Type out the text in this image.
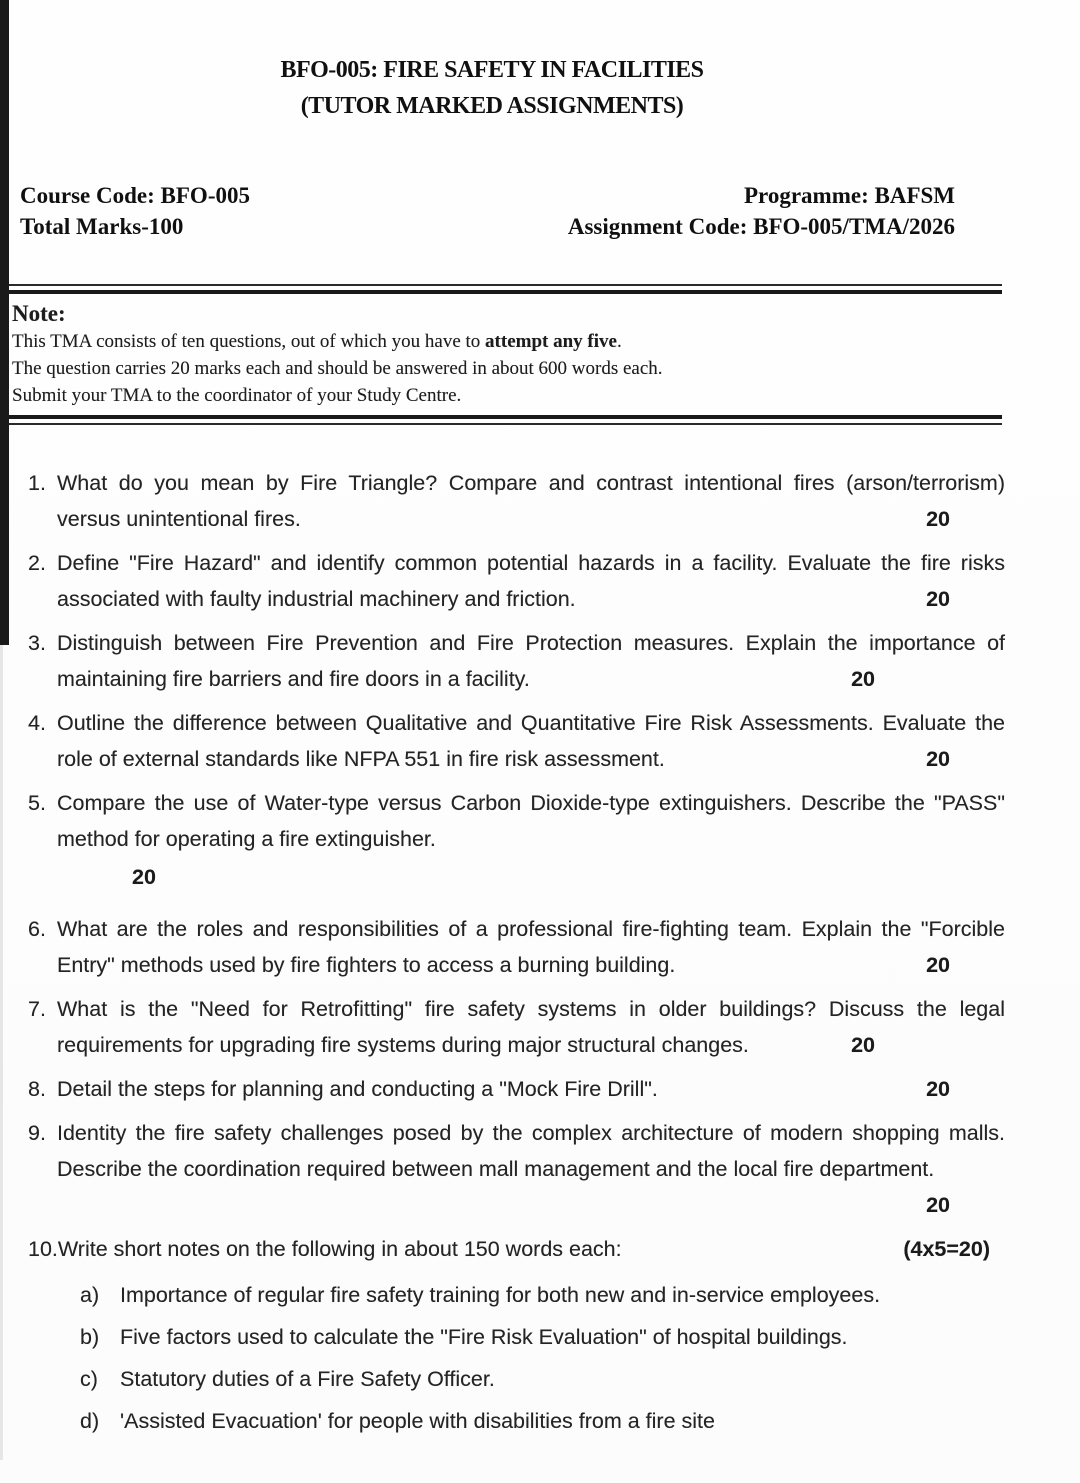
BFO-005: FIRE SAFETY IN FACILITIES
(TUTOR MARKED ASSIGNMENTS)
Course Code: BFO-005
Total Marks-100
Programme: BAFSM
Assignment Code: BFO-005/TMA/2026
Note:
This TMA consists of ten questions, out of which you have to attempt any five.
The question carries 20 marks each and should be answered in about 600 words each.
Submit your TMA to the coordinator of your Study Centre.
1. What do you mean by Fire Triangle? Compare and contrast intentional fires (arson/terrorism) versus unintentional fires.	20

2. Define "Fire Hazard" and identify common potential hazards in a facility. Evaluate the fire risks associated with faulty industrial machinery and friction.	20

3. Distinguish between Fire Prevention and Fire Protection measures. Explain the importance of maintaining fire barriers and fire doors in a facility.	20

4. Outline the difference between Qualitative and Quantitative Fire Risk Assessments. Evaluate the role of external standards like NFPA 551 in fire risk assessment.	20

5. Compare the use of Water-type versus Carbon Dioxide-type extinguishers. Describe the "PASS" method for operating a fire extinguisher.

20
6. What are the roles and responsibilities of a professional fire-fighting team. Explain the "Forcible Entry" methods used by fire fighters to access a burning building.	20

7. What is the "Need for Retrofitting" fire safety systems in older buildings? Discuss the legal requirements for upgrading fire systems during major structural changes.	20

8. Detail the steps for planning and conducting a "Mock Fire Drill".	20

9. Identity the fire safety challenges posed by the complex architecture of modern shopping malls. Describe the coordination required between mall management and the local fire department.
20

10. Write short notes on the following in about 150 words each:	(4x5=20)

a) Importance of regular fire safety training for both new and in-service employees.
b) Five factors used to calculate the "Fire Risk Evaluation" of hospital buildings.
c)	Statutory duties of a Fire Safety Officer.
d) 'Assisted Evacuation' for people with disabilities from a fire site
